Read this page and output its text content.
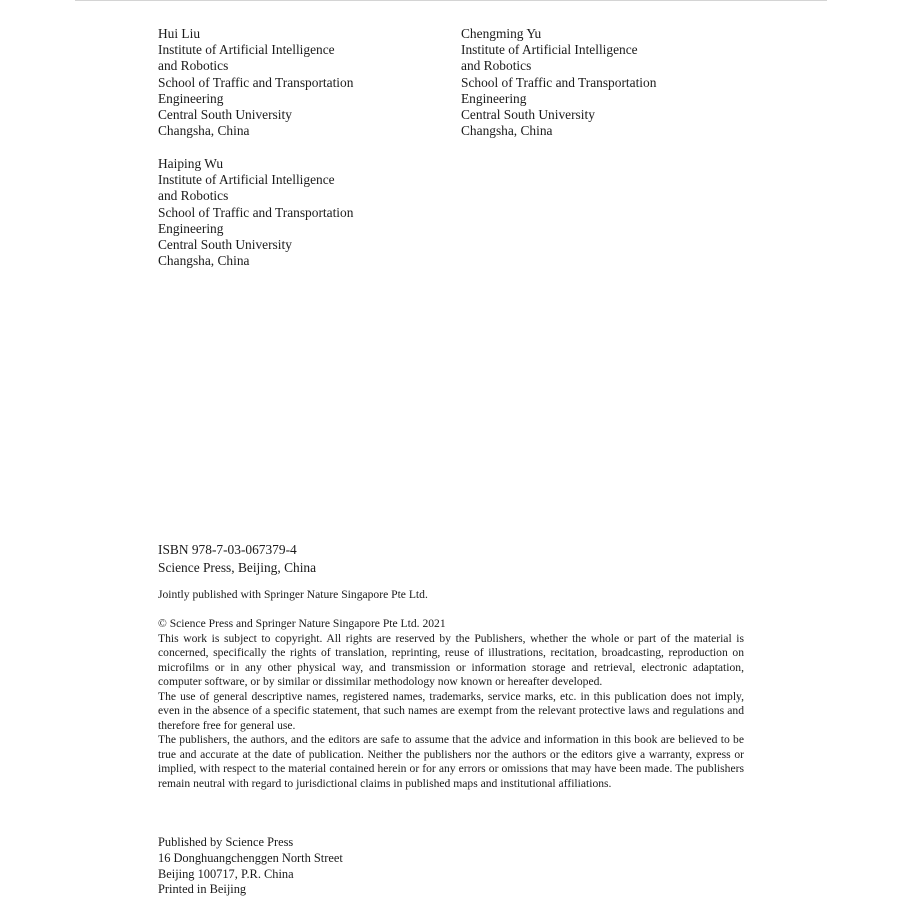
Hui Liu
Institute of Artificial Intelligence
and Robotics
School of Traffic and Transportation
Engineering
Central South University
Changsha, China
Chengming Yu
Institute of Artificial Intelligence
and Robotics
School of Traffic and Transportation
Engineering
Central South University
Changsha, China
Haiping Wu
Institute of Artificial Intelligence
and Robotics
School of Traffic and Transportation
Engineering
Central South University
Changsha, China
ISBN 978-7-03-067379-4
Science Press, Beijing, China
Jointly published with Springer Nature Singapore Pte Ltd.

© Science Press and Springer Nature Singapore Pte Ltd. 2021

This work is subject to copyright. All rights are reserved by the Publishers, whether the whole or part of the material is concerned, specifically the rights of translation, reprinting, reuse of illustrations, recitation, broadcasting, reproduction on microfilms or in any other physical way, and transmission or information storage and retrieval, electronic adaptation, computer software, or by similar or dissimilar methodology now known or hereafter developed.

The use of general descriptive names, registered names, trademarks, service marks, etc. in this publication does not imply, even in the absence of a specific statement, that such names are exempt from the relevant protective laws and regulations and therefore free for general use.

The publishers, the authors, and the editors are safe to assume that the advice and information in this book are believed to be true and accurate at the date of publication. Neither the publishers nor the authors or the editors give a warranty, express or implied, with respect to the material contained herein or for any errors or omissions that may have been made. The publishers remain neutral with regard to jurisdictional claims in published maps and institutional affiliations.

Published by Science Press
16 Donghuangchenggen North Street
Beijing 100717, P.R. China
Printed in Beijing
